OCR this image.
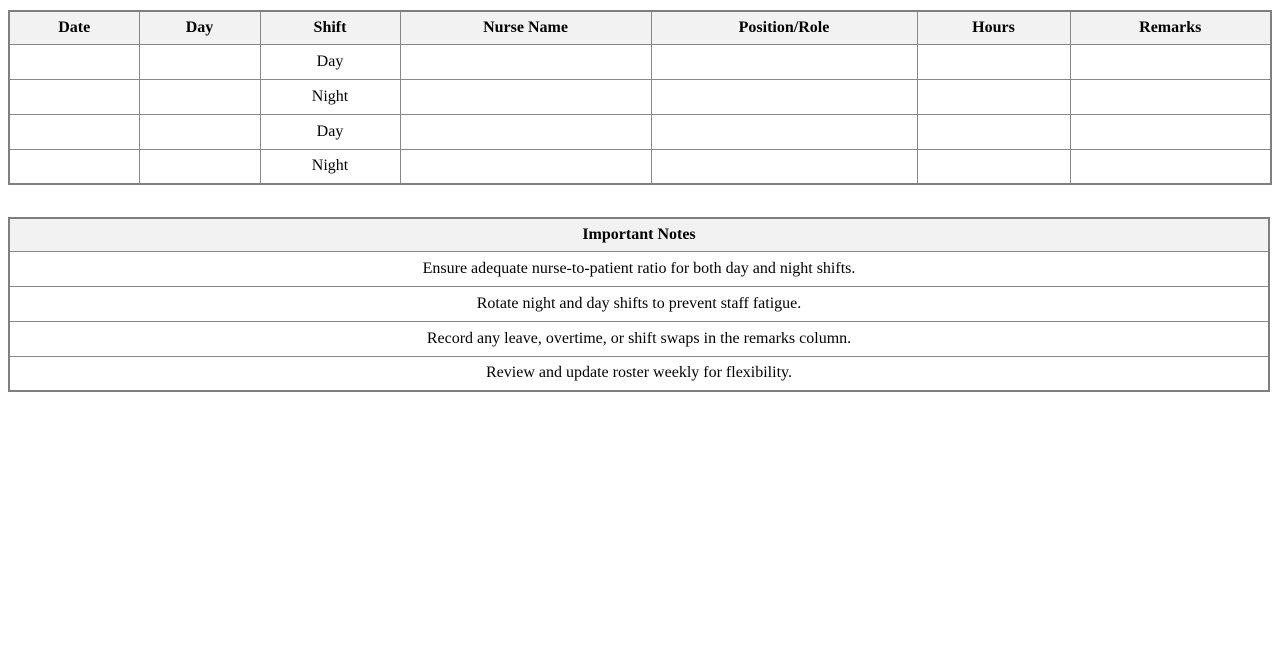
Date	Day	Shift	Nurse Name	Position/Role	Hours	Remarks
		Day				
		Night				
		Day				
		Night				
Important Notes
Ensure adequate nurse-to-patient ratio for both day and night shifts.
Rotate night and day shifts to prevent staff fatigue.
Record any leave, overtime, or shift swaps in the remarks column.
Review and update roster weekly for flexibility.
